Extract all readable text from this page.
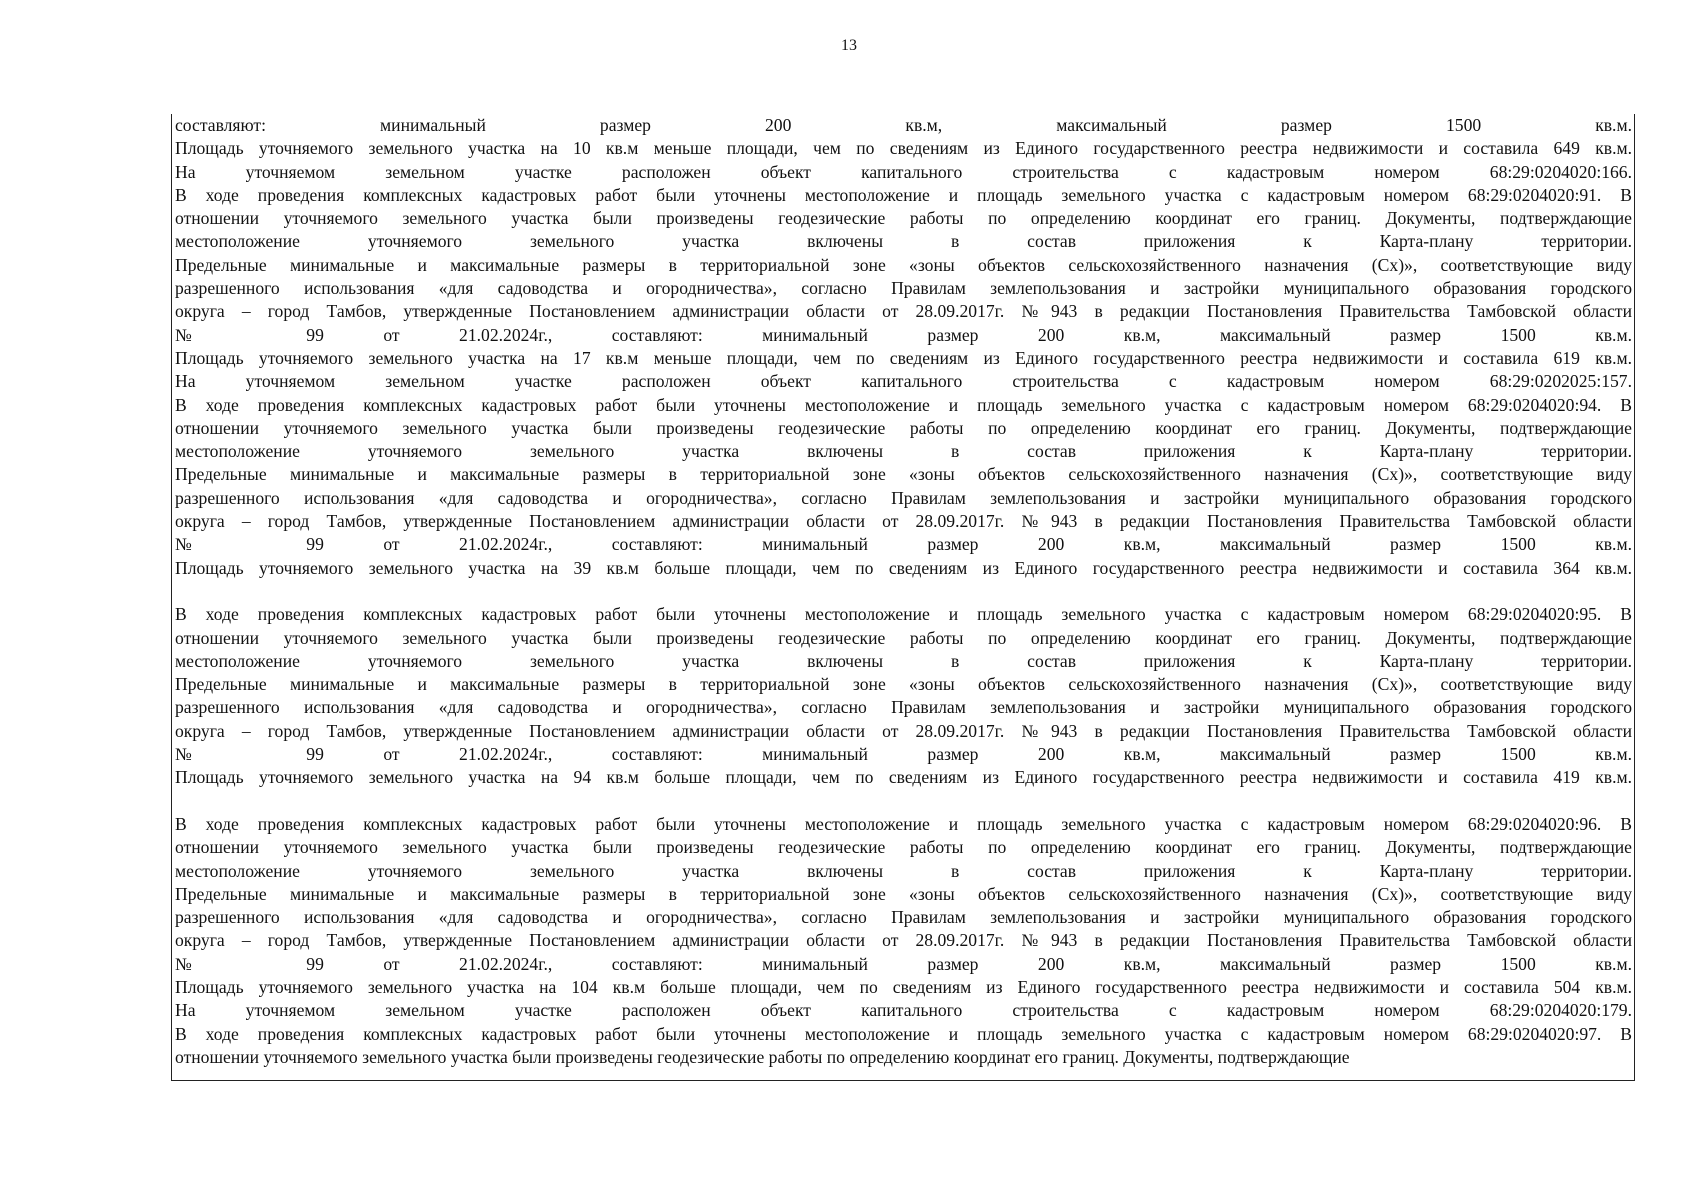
13
составляют: минимальный размер 200 кв.м, максимальный размер 1500 кв.м.
Площадь уточняемого земельного участка на 10 кв.м меньше площади, чем по сведениям из Единого государственного реестра недвижимости и составила 649 кв.м.
На уточняемом земельном участке расположен объект капитального строительства с кадастровым номером 68:29:0204020:166.
В ходе проведения комплексных кадастровых работ были уточнены местоположение и площадь земельного участка с кадастровым номером 68:29:0204020:91. В
отношении уточняемого земельного участка были произведены геодезические работы по определению координат его границ. Документы, подтверждающие
местоположение уточняемого земельного участка включены в состав приложения к Карта-плану территории.
Предельные минимальные и максимальные размеры в территориальной зоне «зоны объектов сельскохозяйственного назначения (Сх)», соответствующие виду
разрешенного использования «для садоводства и огородничества», согласно Правилам землепользования и застройки муниципального образования городского
округа – город Тамбов, утвержденные Постановлением администрации области от 28.09.2017г. №943 в редакции Постановления Правительства Тамбовской области
№ 99 от 21.02.2024г., составляют: минимальный размер 200 кв.м, максимальный размер 1500 кв.м.
Площадь уточняемого земельного участка на 17 кв.м меньше площади, чем по сведениям из Единого государственного реестра недвижимости и составила 619 кв.м.
На уточняемом земельном участке расположен объект капитального строительства с кадастровым номером 68:29:0202025:157.
В ходе проведения комплексных кадастровых работ были уточнены местоположение и площадь земельного участка с кадастровым номером 68:29:0204020:94. В
отношении уточняемого земельного участка были произведены геодезические работы по определению координат его границ. Документы, подтверждающие
местоположение уточняемого земельного участка включены в состав приложения к Карта-плану территории.
Предельные минимальные и максимальные размеры в территориальной зоне «зоны объектов сельскохозяйственного назначения (Сх)», соответствующие виду
разрешенного использования «для садоводства и огородничества», согласно Правилам землепользования и застройки муниципального образования городского
округа – город Тамбов, утвержденные Постановлением администрации области от 28.09.2017г. №943 в редакции Постановления Правительства Тамбовской области
№ 99 от 21.02.2024г., составляют: минимальный размер 200 кв.м, максимальный размер 1500 кв.м.
Площадь уточняемого земельного участка на 39 кв.м больше площади, чем по сведениям из Единого государственного реестра недвижимости и составила 364 кв.м.
В ходе проведения комплексных кадастровых работ были уточнены местоположение и площадь земельного участка с кадастровым номером 68:29:0204020:95. В
отношении уточняемого земельного участка были произведены геодезические работы по определению координат его границ. Документы, подтверждающие
местоположение уточняемого земельного участка включены в состав приложения к Карта-плану территории.
Предельные минимальные и максимальные размеры в территориальной зоне «зоны объектов сельскохозяйственного назначения (Сх)», соответствующие виду
разрешенного использования «для садоводства и огородничества», согласно Правилам землепользования и застройки муниципального образования городского
округа – город Тамбов, утвержденные Постановлением администрации области от 28.09.2017г. №943 в редакции Постановления Правительства Тамбовской области
№ 99 от 21.02.2024г., составляют: минимальный размер 200 кв.м, максимальный размер 1500 кв.м.
Площадь уточняемого земельного участка на 94 кв.м больше площади, чем по сведениям из Единого государственного реестра недвижимости и составила 419 кв.м.
В ходе проведения комплексных кадастровых работ были уточнены местоположение и площадь земельного участка с кадастровым номером 68:29:0204020:96. В
отношении уточняемого земельного участка были произведены геодезические работы по определению координат его границ. Документы, подтверждающие
местоположение уточняемого земельного участка включены в состав приложения к Карта-плану территории.
Предельные минимальные и максимальные размеры в территориальной зоне «зоны объектов сельскохозяйственного назначения (Сх)», соответствующие виду
разрешенного использования «для садоводства и огородничества», согласно Правилам землепользования и застройки муниципального образования городского
округа – город Тамбов, утвержденные Постановлением администрации области от 28.09.2017г. №943 в редакции Постановления Правительства Тамбовской области
№ 99 от 21.02.2024г., составляют: минимальный размер 200 кв.м, максимальный размер 1500 кв.м.
Площадь уточняемого земельного участка на 104 кв.м больше площади, чем по сведениям из Единого государственного реестра недвижимости и составила 504 кв.м.
На уточняемом земельном участке расположен объект капитального строительства с кадастровым номером 68:29:0204020:179.
В ходе проведения комплексных кадастровых работ были уточнены местоположение и площадь земельного участка с кадастровым номером 68:29:0204020:97. В
отношении уточняемого земельного участка были произведены геодезические работы по определению координат его границ. Документы, подтверждающие
